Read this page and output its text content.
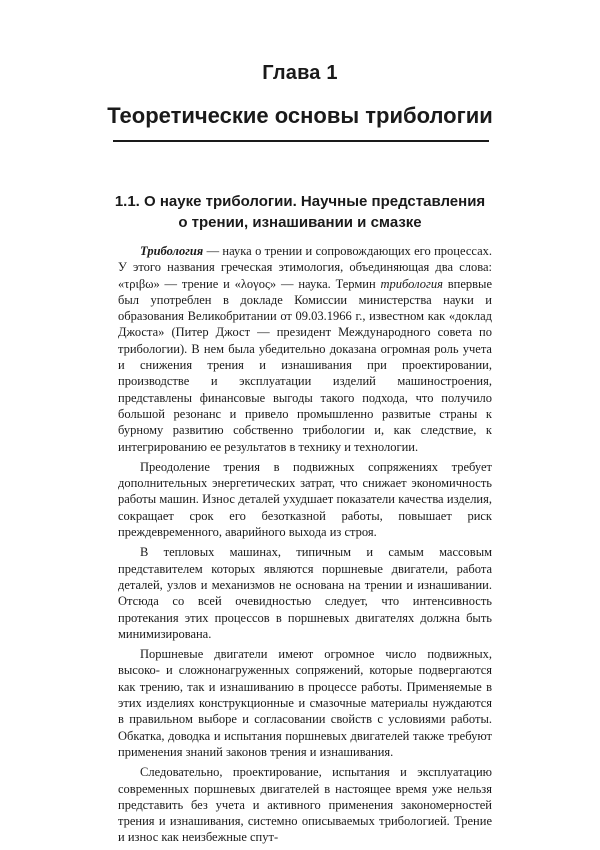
Глава 1
Теоретические основы трибологии
1.1. О науке трибологии. Научные представления
о трении, изнашивании и смазке

Трибология — наука о трении и сопровождающих его процессах. У этого названия греческая этимология, объединяющая два слова: «τριβω» — трение и «λογος» — наука. Термин трибология впервые был употреблен в докладе Комиссии министерства науки и образования Великобритании от 09.03.1966 г., известном как «доклад Джоста» (Питер Джост — президент Международного совета по трибологии). В нем была убедительно доказана огромная роль учета и снижения трения и изнашивания при проектировании, производстве и эксплуатации изделий машиностроения, представлены финансовые выгоды такого подхода, что получило большой резонанс и привело промышленно развитые страны к бурному развитию собственно трибологии и, как следствие, к интегрированию ее результатов в технику и технологии.

Преодоление трения в подвижных сопряжениях требует дополнительных энергетических затрат, что снижает экономичность работы машин. Износ деталей ухудшает показатели качества изделия, сокращает срок его безотказной работы, повышает риск преждевременного, аварийного выхода из строя.

В тепловых машинах, типичным и самым массовым представителем которых являются поршневые двигатели, работа деталей, узлов и механизмов не основана на трении и изнашивании. Отсюда со всей очевидностью следует, что интенсивность протекания этих процессов в поршневых двигателях должна быть минимизирована.

Поршневые двигатели имеют огромное число подвижных, высоко- и сложнонагруженных сопряжений, которые подвергаются как трению, так и изнашиванию в процессе работы. Применяемые в этих изделиях конструкционные и смазочные материалы нуждаются в правильном выборе и согласовании свойств с условиями работы. Обкатка, доводка и испытания поршневых двигателей также требуют применения знаний законов трения и изнашивания.

Следовательно, проектирование, испытания и эксплуатацию современных поршневых двигателей в настоящее время уже нельзя представить без учета и активного применения закономерностей трения и изнашивания, системно описываемых трибологией. Трение и износ как неизбежные спут-
